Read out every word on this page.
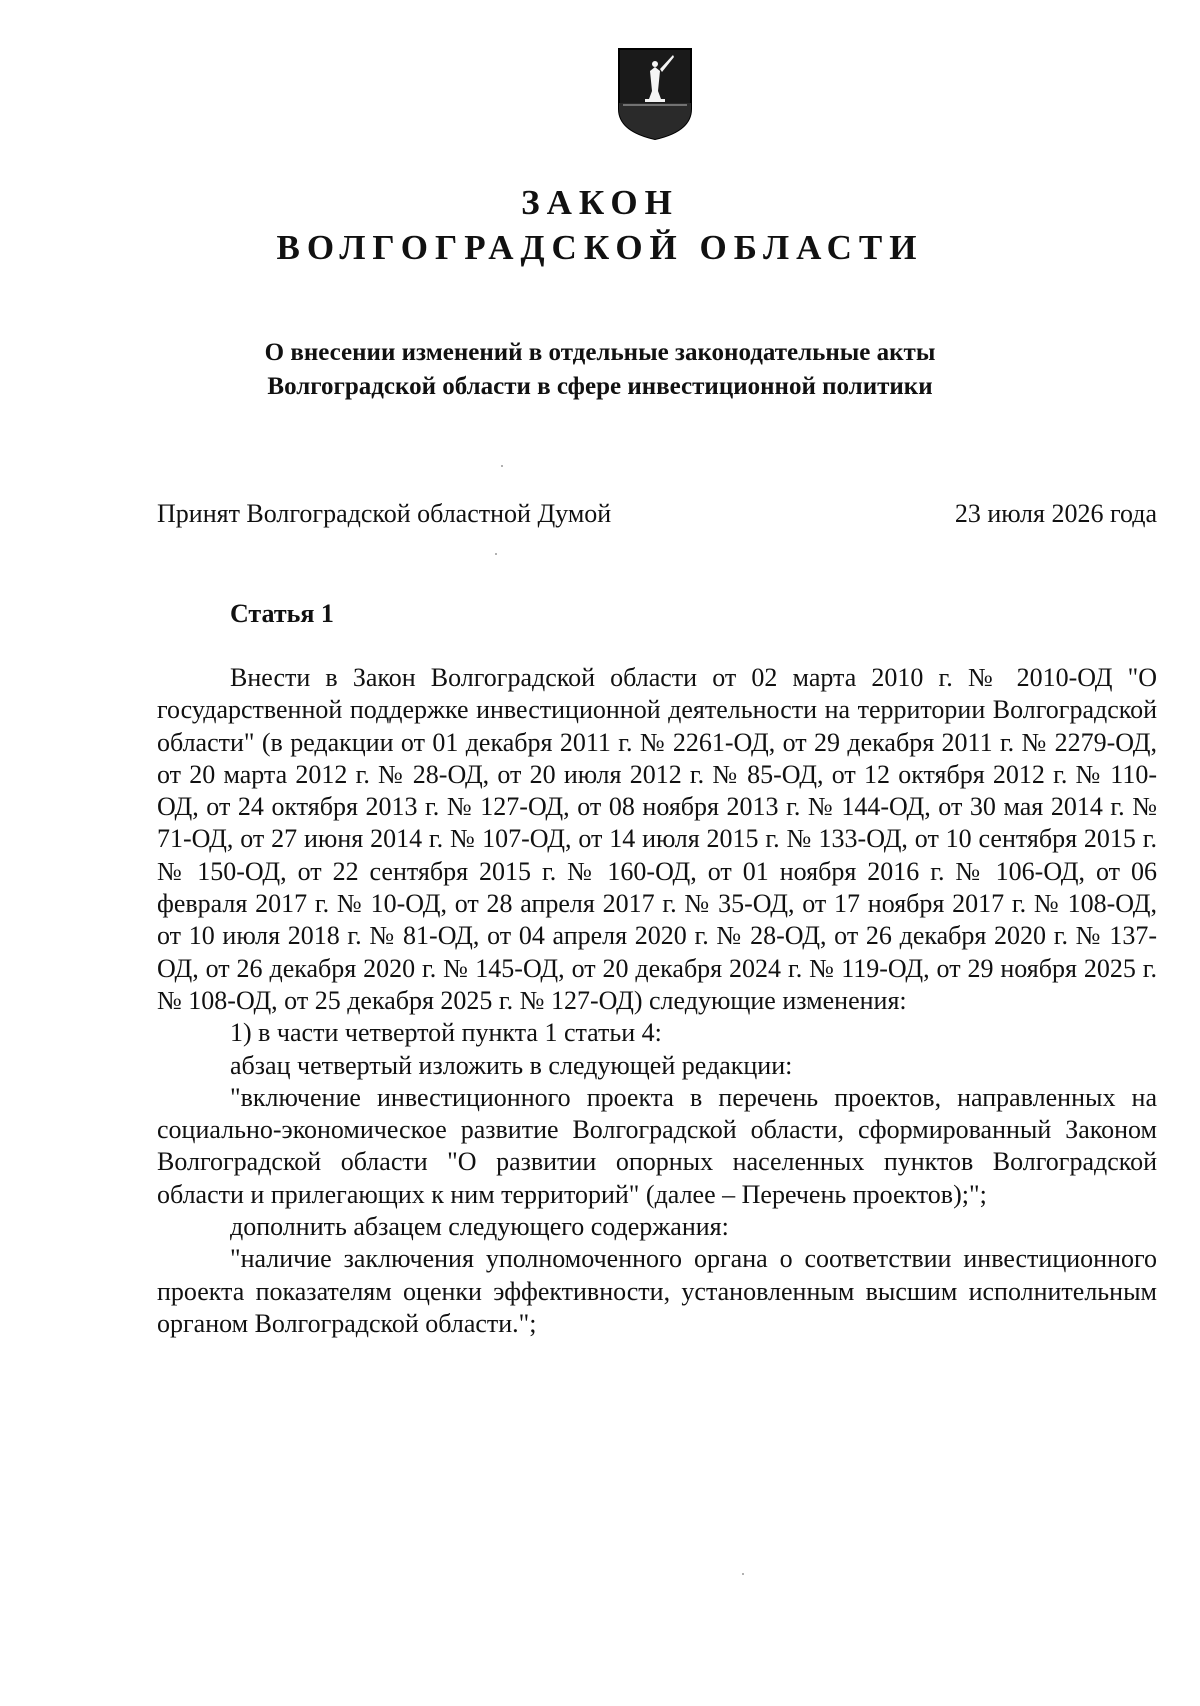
ЗАКОН
ВОЛГОГРАДСКОЙ ОБЛАСТИ
О внесении изменений в отдельные законодательные акты
Волгоградской области в сфере инвестиционной политики
Принят Волгоградской областной Думой	23 июля 2026 года
Статья 1

Внести в Закон Волгоградской области от 02 марта 2010 г. № 2010-ОД "О государственной поддержке инвестиционной деятельности на территории Волгоградской области" (в редакции от 01 декабря 2011 г. № 2261-ОД, от 29 декабря 2011 г. № 2279-ОД, от 20 марта 2012 г. № 28-ОД, от 20 июля 2012 г. № 85-ОД, от 12 октября 2012 г. № 110-ОД, от 24 октября 2013 г. № 127-ОД, от 08 ноября 2013 г. № 144-ОД, от 30 мая 2014 г. № 71-ОД, от 27 июня 2014 г. № 107-ОД, от 14 июля 2015 г. № 133-ОД, от 10 сентября 2015 г. № 150-ОД, от 22 сентября 2015 г. № 160-ОД, от 01 ноября 2016 г. № 106-ОД, от 06 февраля 2017 г. № 10-ОД, от 28 апреля 2017 г. № 35-ОД, от 17 ноября 2017 г. № 108-ОД, от 10 июля 2018 г. № 81-ОД, от 04 апреля 2020 г. № 28-ОД, от 26 декабря 2020 г. № 137-ОД, от 26 декабря 2020 г. № 145-ОД, от 20 декабря 2024 г. № 119-ОД, от 29 ноября 2025 г. № 108-ОД, от 25 декабря 2025 г. № 127-ОД) следующие изменения:

1) в части четвертой пункта 1 статьи 4:

абзац четвертый изложить в следующей редакции:

"включение инвестиционного проекта в перечень проектов, направленных на социально-экономическое развитие Волгоградской области, сформированный Законом Волгоградской области "О развитии опорных населенных пунктов Волгоградской области и прилегающих к ним территорий" (далее – Перечень проектов);";

дополнить абзацем следующего содержания:

"наличие заключения уполномоченного органа о соответствии инвестиционного проекта показателям оценки эффективности, установленным высшим исполнительным органом Волгоградской области.";
